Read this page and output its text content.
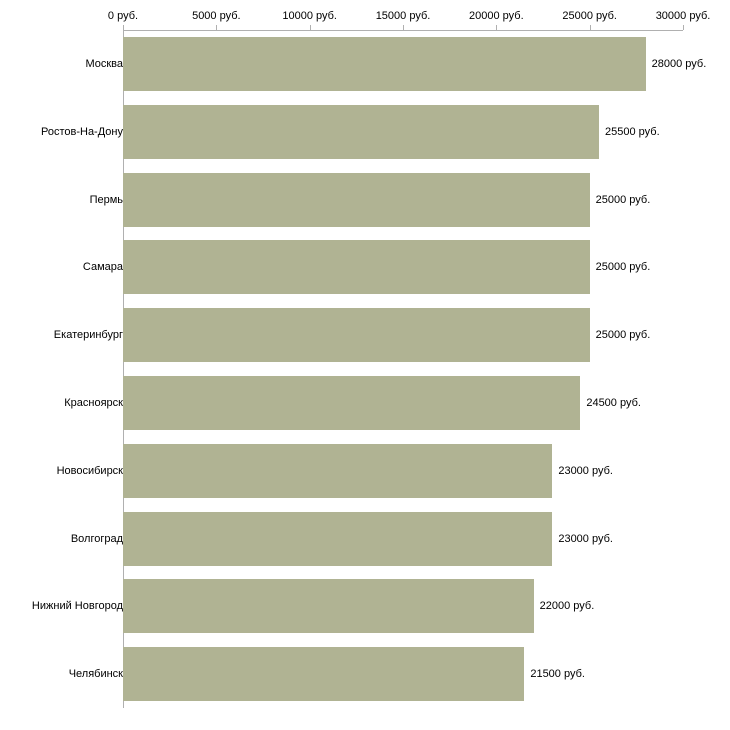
0 руб.	5000 руб.	10000 руб.	15000 руб.	20000 руб.	25000 руб.	30000 руб.
Москва
Ростов-На-Дону
Пермь
Самара
Екатеринбург
Красноярск
Новосибирск
Волгоград
Нижний Новгород
Челябинск
28000 руб.
25500 руб.
25000 руб.
25000 руб.
25000 руб.
24500 руб.
23000 руб.
23000 руб.
22000 руб.
21500 руб.
